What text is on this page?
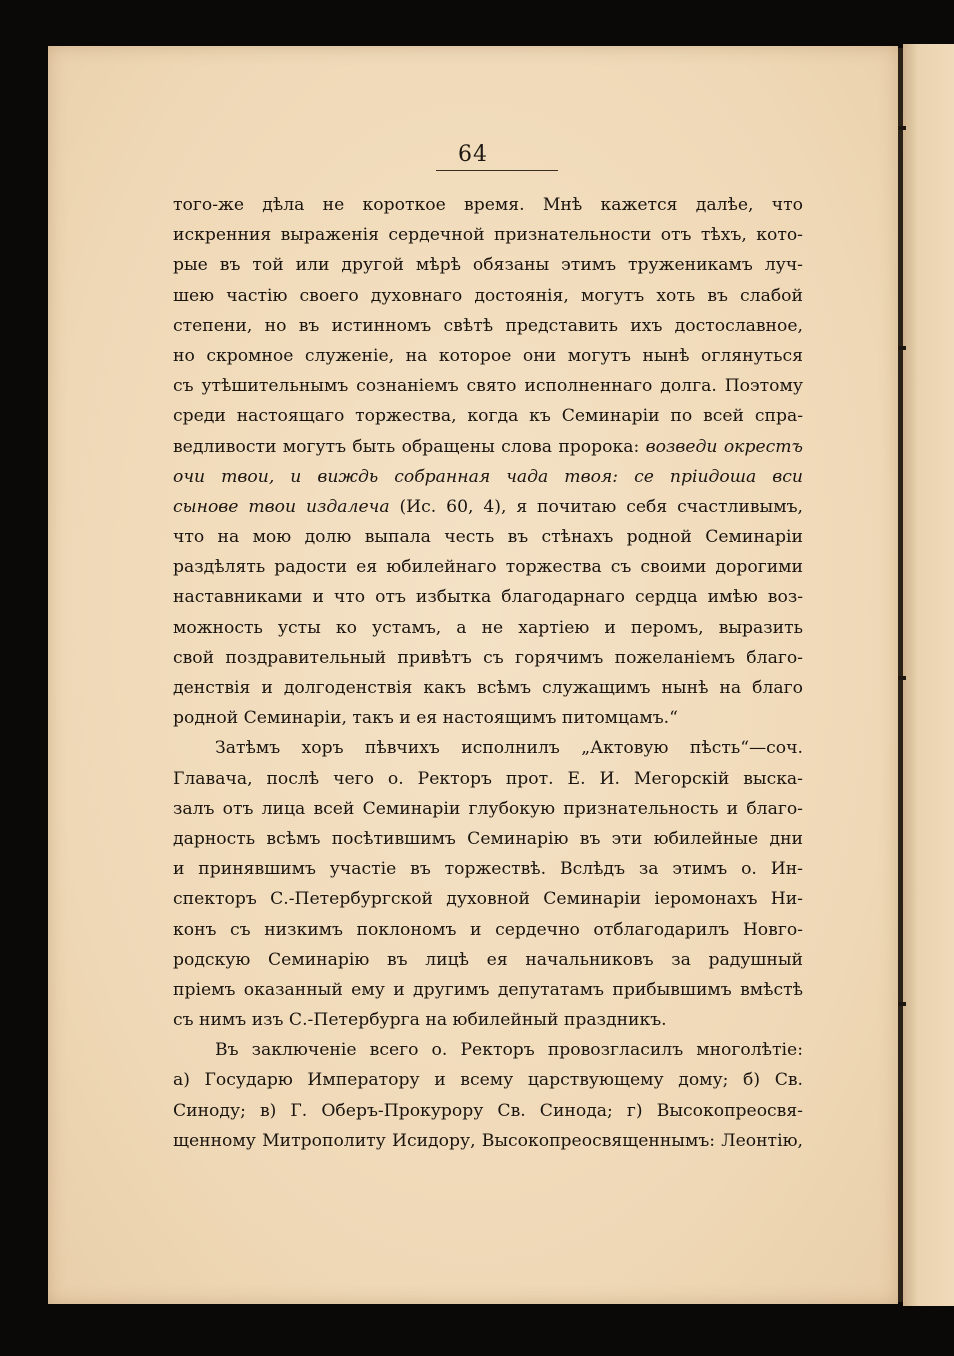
64
того-же дѣла не короткое время. Мнѣ кажется далѣе, что
искренния выраженія сердечной признательности отъ тѣхъ, кото-
рые въ той или другой мѣрѣ обязаны этимъ труженикамъ луч-
шею частію своего духовнаго достоянія, могутъ хоть въ слабой
степени, но въ истинномъ свѣтѣ представить ихъ достославное,
но скромное служеніе, на которое они могутъ нынѣ оглянуться
съ утѣшительнымъ сознаніемъ свято исполненнаго долга. Поэтому
среди настоящаго торжества, когда къ Семинаріи по всей спра-
ведливости могутъ быть обращены слова пророка: возведи окрестъ
очи твои, и виждь собранная чада твоя: се пріидоша вси
сынове твои издалеча (Ис. 60, 4), я почитаю себя счастливымъ,
что на мою долю выпала честь въ стѣнахъ родной Семинаріи
раздѣлять радости ея юбилейнаго торжества съ своими дорогими
наставниками и что отъ избытка благодарнаго сердца имѣю воз-
можность усты ко устамъ, а не хартіею и перомъ, выразить
свой поздравительный привѣтъ съ горячимъ пожеланіемъ благо-
денствія и долгоденствія какъ всѣмъ служащимъ нынѣ на благо
родной Семинаріи, такъ и ея настоящимъ питомцамъ.“
Затѣмъ хоръ пѣвчихъ исполнилъ „Актовую пѣсть“—соч.
Главача, послѣ чего о. Ректоръ прот. Е. И. Мегорскій выска-
залъ отъ лица всей Семинаріи глубокую признательность и благо-
дарность всѣмъ посѣтившимъ Семинарію въ эти юбилейные дни
и принявшимъ участіе въ торжествѣ. Вслѣдъ за этимъ о. Ин-
спекторъ С.-Петербургской духовной Семинаріи іеромонахъ Ни-
конъ съ низкимъ поклономъ и сердечно отблагодарилъ Новго-
родскую Семинарію въ лицѣ ея начальниковъ за радушный
пріемъ оказанный ему и другимъ депутатамъ прибывшимъ вмѣстѣ
съ нимъ изъ С.-Петербурга на юбилейный праздникъ.
Въ заключеніе всего о. Ректоръ провозгласилъ многолѣтіе:
а) Государю Императору и всему царствующему дому; б) Св.
Синоду; в) Г. Оберъ-Прокурору Св. Синода; г) Высокопреосвя-
щенному Митрополиту Исидору, Высокопреосвященнымъ: Леонтію,
